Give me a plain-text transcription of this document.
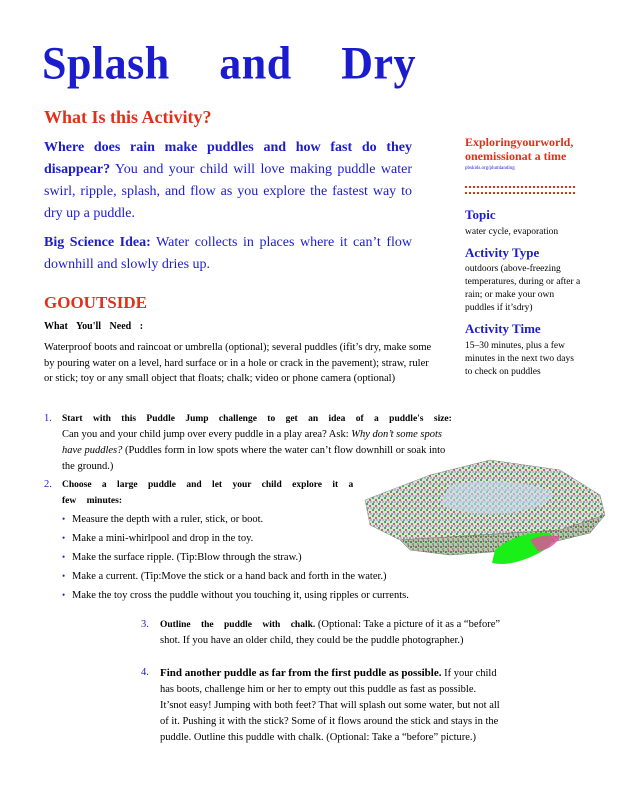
Splash and Dry
What Is this Activity?
Where does rain make puddles and how fast do they disappear? You and your child will love making puddle water swirl, ripple, splash, and flow as you explore the fastest way to dry up a puddle.
Big Science Idea: Water collects in places where it can’t flow downhill and slowly dries up.
GOOUTSIDE
What You'll Need :
Waterproof boots and raincoat or umbrella (optional); several puddles (ifit’s dry, make some by pouring water on a level, hard surface or in a hole or crack in the pavement); straw, ruler or stick; toy or any small object that floats; chalk; video or phone camera (optional)
Exploringyourworld, onemissionat a time
pbskids.org/plumlanding
Topic
water cycle, evaporation
Activity Type
outdoors (above-freezing temperatures, during or after a rain; or make your own puddles if it’sdry)
Activity Time
15–30 minutes, plus a few minutes in the next two days to check on puddles
1. Start with this Puddle Jump challenge to get an idea of a puddle's size:
Can you and your child jump over every puddle in a play area? Ask: Why don’t some spots have puddles? (Puddles form in low spots where the water can’t flow downhill or soak into the ground.)
2. Choose a large puddle and let your child explore it a few minutes:
• Measure the depth with a ruler, stick, or boot.
• Make a mini-whirlpool and drop in the toy.
• Make the surface ripple. (Tip:Blow through the straw.)
• Make a current. (Tip:Move the stick or a hand back and forth in the water.)
• Make the toy cross the puddle without you touching it, using ripples or currents.
3. Outline the puddle with chalk. (Optional: Take a picture of it as a “before” shot. If you have an older child, they could be the puddle photographer.)
4. Find another puddle as far from the first puddle as possible. If your child has boots, challenge him or her to empty out this puddle as fast as possible. It’snot easy! Jumping with both feet? That will splash out some water, but not all of it. Pushing it with the stick? Some of it flows around the stick and stays in the puddle. Outline this puddle with chalk. (Optional: Take a “before” picture.)
